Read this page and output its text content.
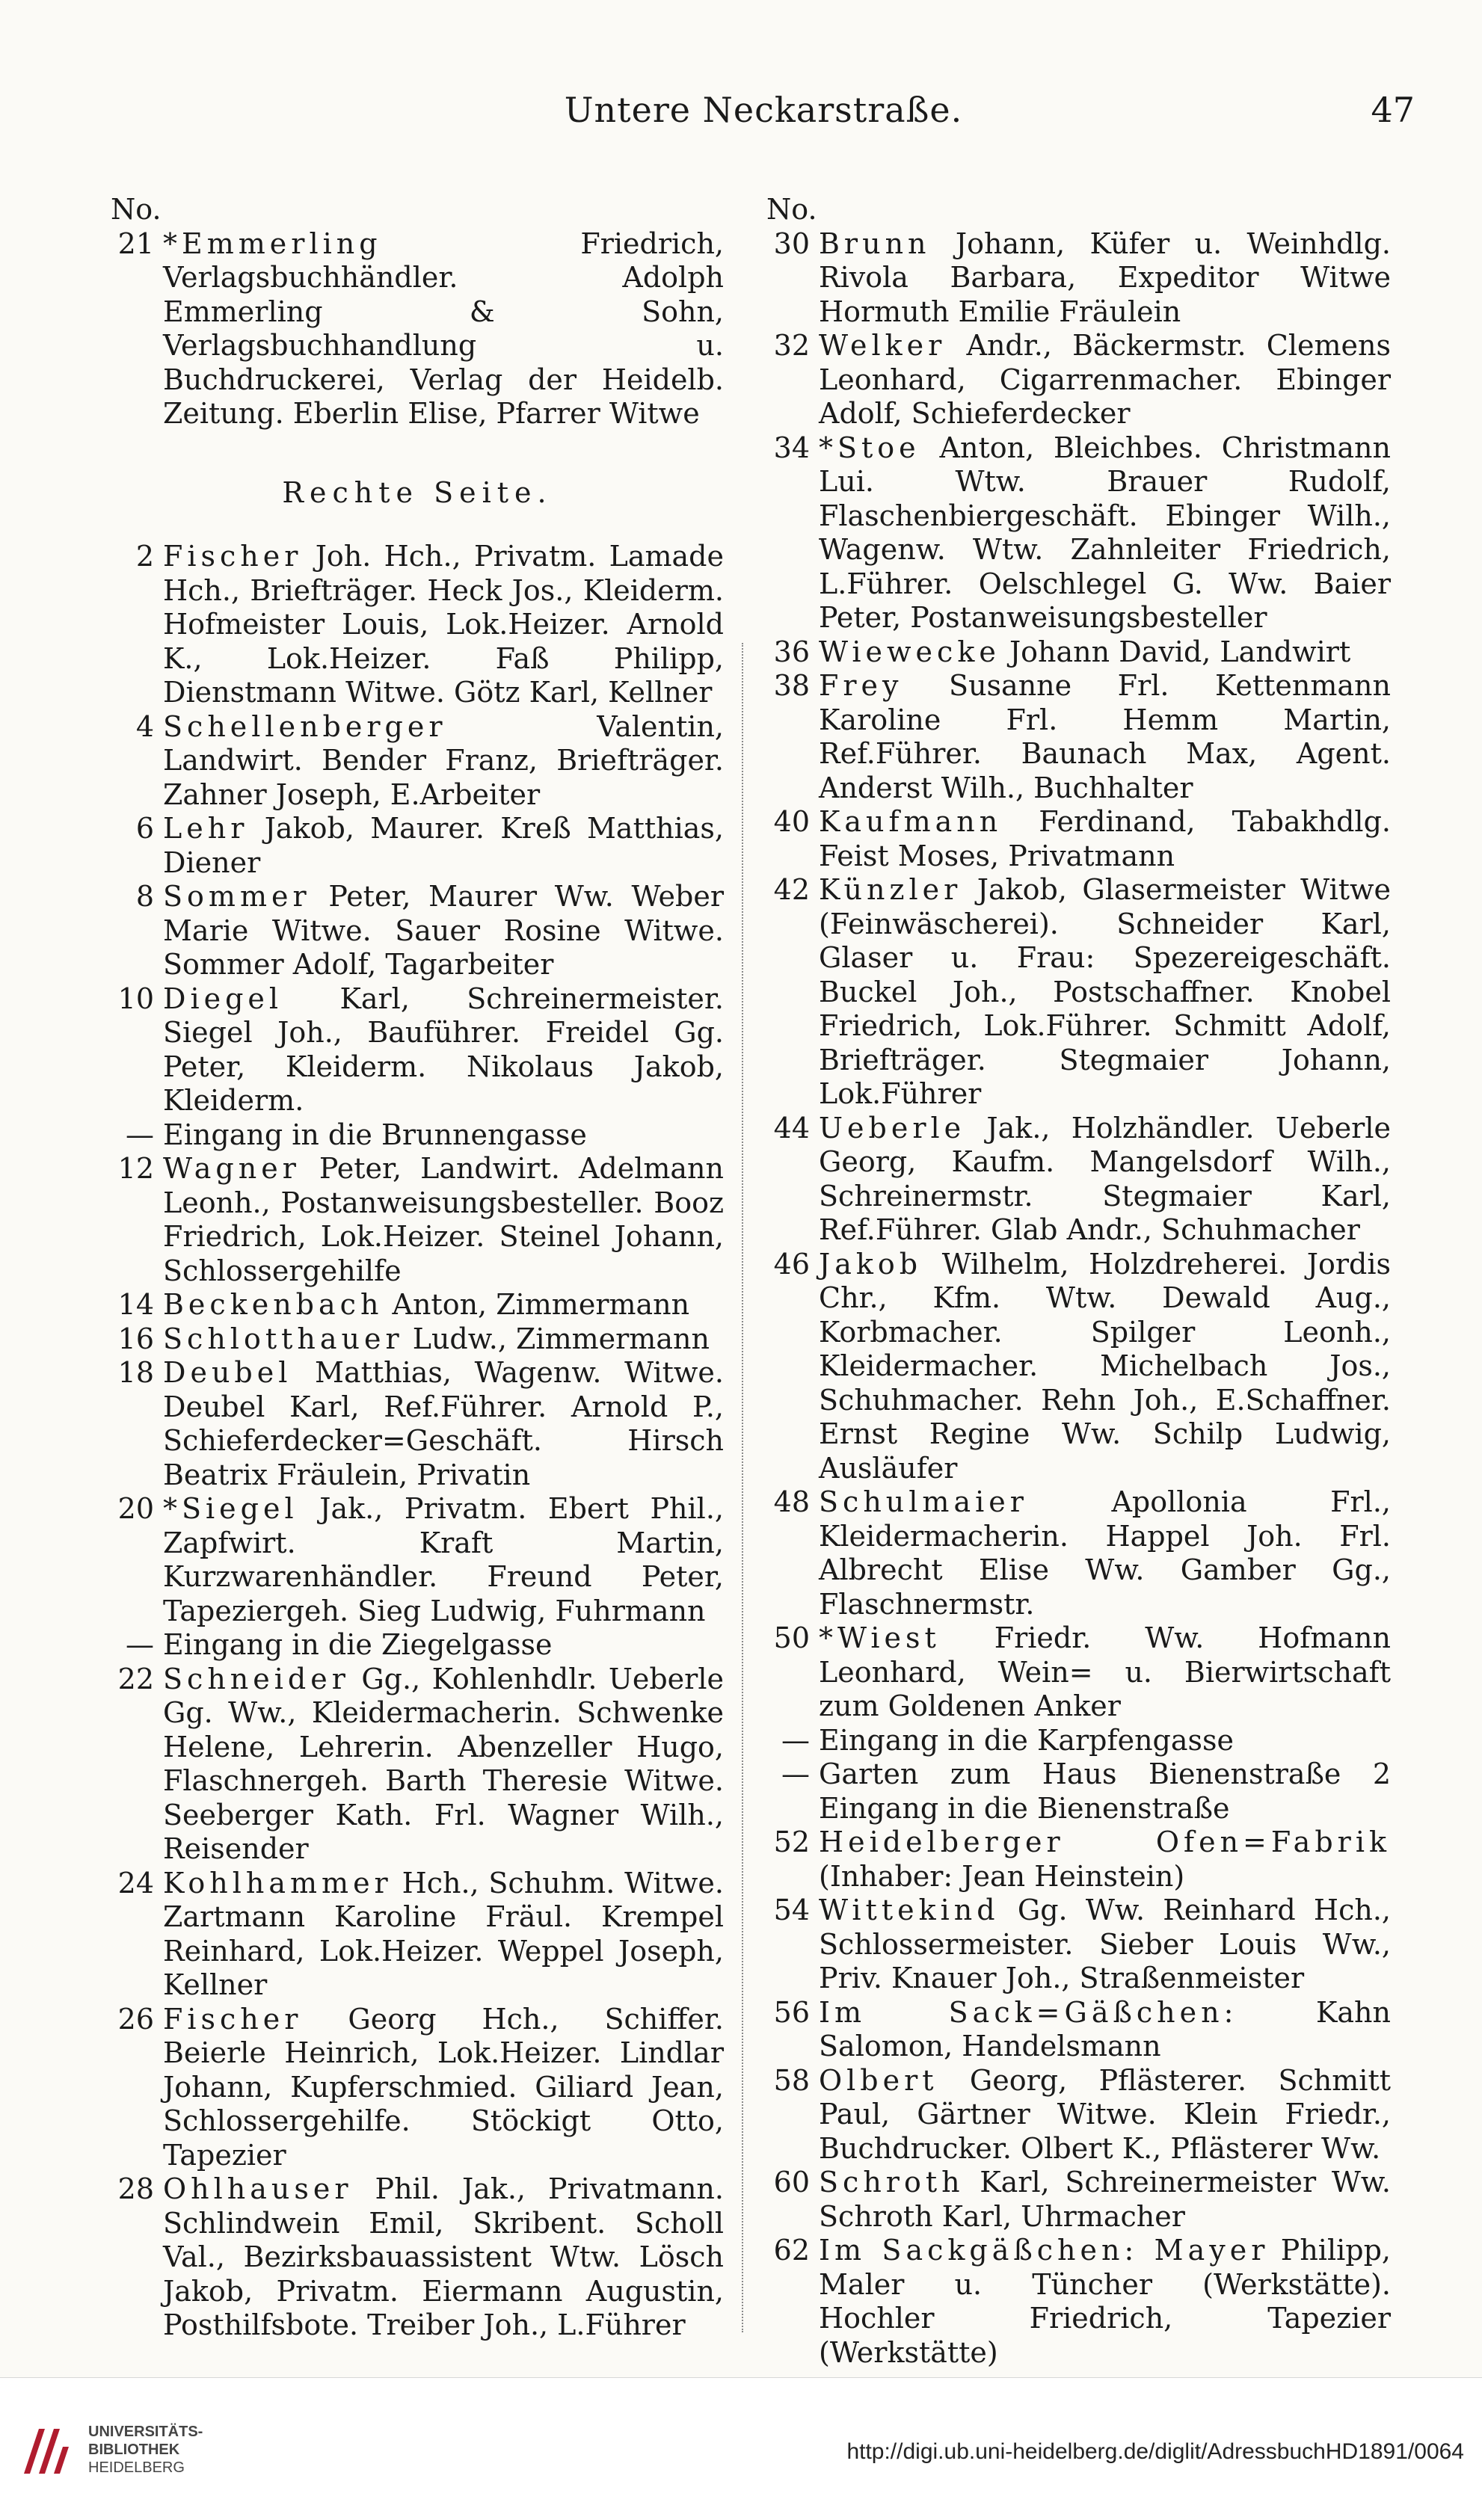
Untere Neckarstraße.	47
No.
21 *Emmerling	Friedrich, Verlagsbuchhändler. Adolph Emmerling & Sohn, Verlagsbuchhandlung u. Buchdruckerei, Verlag der Heidelb. Zeitung. Eberlin Elise, Pfarrer Witwe
Rechte Seite.
2 Fischer Joh. Hch., Privatm. Lamade Hch., Briefträger. Heck Jos., Kleiderm. Hofmeister Louis, Lok.Heizer. Arnold K., Lok.Heizer. Faß Philipp, Dienstmann Witwe. Götz Karl, Kellner
4 Schellenberger	Valentin, Landwirt. Bender Franz, Briefträger. Zahner Joseph, E.Arbeiter
6 Lehr Jakob, Maurer. Kreß Matthias, Diener
8 Sommer Peter, Maurer Ww. Weber Marie Witwe. Sauer Rosine Witwe. Sommer Adolf, Tagarbeiter
10 Diegel Karl, Schreinermeister. Siegel Joh., Bauführer. Freidel Gg. Peter, Kleiderm. Nikolaus Jakob, Kleiderm.
— Eingang in die Brunnengasse
12 Wagner Peter, Landwirt. Adelmann Leonh., Postanweisungsbesteller. Booz Friedrich, Lok.Heizer. Steinel Johann, Schlossergehilfe
14 Beckenbach Anton, Zimmermann
16 Schlotthauer Ludw., Zimmermann
18 Deubel Matthias, Wagenw. Witwe. Deubel Karl, Ref.Führer. Arnold P., Schieferdecker=Geschäft. Hirsch Beatrix Fräulein, Privatin
20 *Siegel Jak., Privatm. Ebert Phil., Zapfwirt. Kraft Martin, Kurzwarenhändler. Freund Peter, Tapeziergeh. Sieg Ludwig, Fuhrmann
— Eingang in die Ziegelgasse
22 Schneider Gg., Kohlenhdlr. Ueberle Gg. Ww., Kleidermacherin. Schwenke Helene, Lehrerin. Abenzeller Hugo, Flaschnergeh. Barth Theresie Witwe. Seeberger Kath. Frl. Wagner Wilh., Reisender
24 Kohlhammer Hch., Schuhm. Witwe. Zartmann Karoline Fräul. Krempel Reinhard, Lok.Heizer. Weppel Joseph, Kellner
26 Fischer Georg Hch., Schiffer. Beierle Heinrich, Lok.Heizer. Lindlar Johann, Kupferschmied. Giliard Jean, Schlossergehilfe. Stöckigt Otto, Tapezier
28 Ohlhauser Phil. Jak., Privatmann. Schlindwein Emil, Skribent. Scholl Val., Bezirksbauassistent Wtw. Lösch Jakob, Privatm. Eiermann Augustin, Posthilfsbote. Treiber Joh., L.Führer
No.
30 Brunn Johann, Küfer u. Weinhdlg. Rivola Barbara, Expeditor Witwe Hormuth Emilie Fräulein
32 Welker Andr., Bäckermstr. Clemens Leonhard, Cigarrenmacher. Ebinger Adolf, Schieferdecker
34 *Stoe Anton, Bleichbes. Christmann Lui. Wtw. Brauer Rudolf, Flaschenbiergeschäft. Ebinger Wilh., Wagenw. Wtw. Zahnleiter Friedrich, L.Führer. Oelschlegel G. Ww. Baier Peter, Postanweisungsbesteller
36 Wiewecke Johann David, Landwirt
38 Frey Susanne Frl. Kettenmann Karoline Frl. Hemm Martin, Ref.Führer. Baunach Max, Agent. Anderst Wilh., Buchhalter
40 Kaufmann Ferdinand, Tabakhdlg. Feist Moses, Privatmann
42 Künzler Jakob, Glasermeister Witwe (Feinwäscherei). Schneider Karl, Glaser u. Frau: Spezereigeschäft. Buckel Joh., Postschaffner. Knobel Friedrich, Lok.Führer. Schmitt Adolf, Briefträger. Stegmaier Johann, Lok.Führer
44 Ueberle Jak., Holzhändler. Ueberle Georg, Kaufm. Mangelsdorf Wilh., Schreinermstr. Stegmaier Karl, Ref.Führer. Glab Andr., Schuhmacher
46 Jakob Wilhelm, Holzdreherei. Jordis Chr., Kfm. Wtw. Dewald Aug., Korbmacher. Spilger Leonh., Kleidermacher. Michelbach Jos., Schuhmacher. Rehn Joh., E.Schaffner. Ernst Regine Ww. Schilp Ludwig, Ausläufer
48 Schulmaier	Apollonia Frl., Kleidermacherin. Happel Joh. Frl. Albrecht Elise Ww. Gamber Gg., Flaschnermstr.
50 *Wiest Friedr. Ww. Hofmann Leonhard, Wein= u. Bierwirtschaft zum Goldenen Anker
— Eingang in die Karpfengasse
— Garten zum Haus Bienenstraße 2 Eingang in die Bienenstraße
52 Heidelberger Ofen=Fabrik (Inhaber: Jean Heinstein)
54 Wittekind Gg. Ww. Reinhard Hch., Schlossermeister. Sieber Louis Ww., Priv. Knauer Joh., Straßenmeister
56 Im Sack=Gäßchen:	Kahn Salomon, Handelsmann
58 Olbert Georg, Pflästerer. Schmitt Paul, Gärtner Witwe. Klein Friedr., Buchdrucker. Olbert K., Pflästerer Ww.
60 Schroth Karl, Schreinermeister Ww. Schroth Karl, Uhrmacher
62 Im Sackgäßchen: Mayer Philipp, Maler u. Tüncher (Werkstätte). Hochler Friedrich, Tapezier (Werkstätte)
UNIVERSITÄTS-
BIBLIOTHEK
HEIDELBERG
http://digi.ub.uni-heidelberg.de/diglit/AdressbuchHD1891/0064
